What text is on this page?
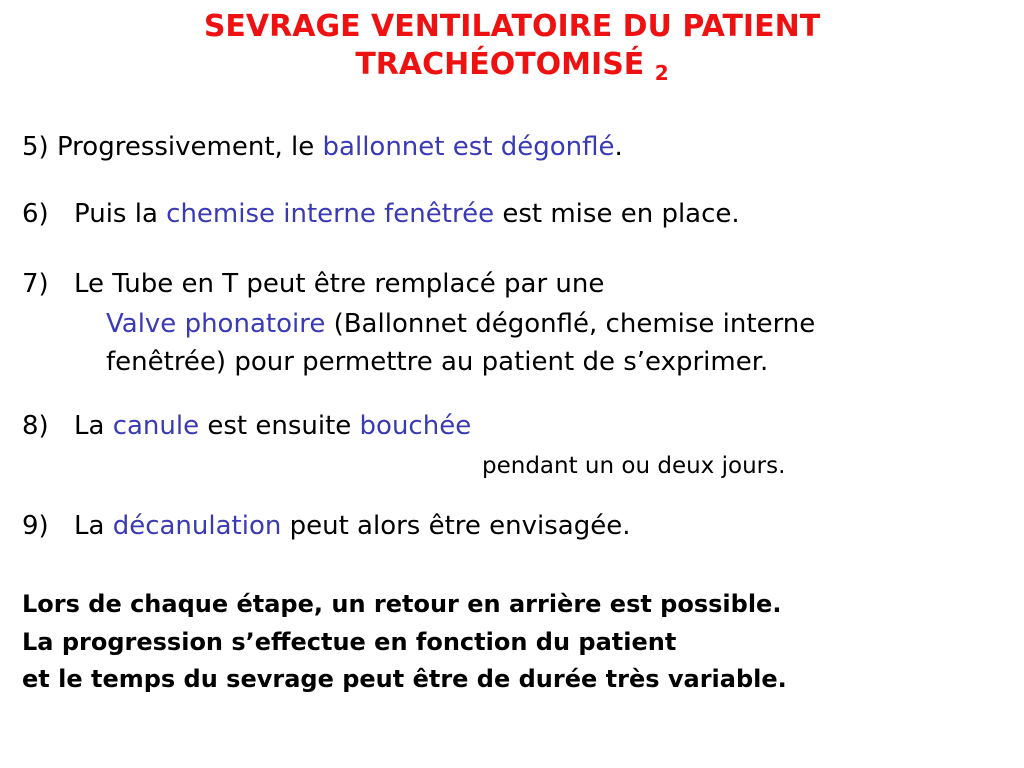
SEVRAGE VENTILATOIRE DU PATIENT
TRACHÉOTOMISÉ $_2$
5) Progressivement, le ballonnet est dégonflé.
6) Puis la chemise interne fenêtrée est mise en place.
7) Le Tube en T peut être remplacé par une
Valve phonatoire (Ballonnet dégonflé, chemise interne
fenêtrée) pour permettre au patient de s’exprimer.
8) La canule est ensuite bouchée
pendant un ou deux jours.
9) La décanulation peut alors être envisagée.
Lors de chaque étape, un retour en arrière est possible.
La progression s’effectue en fonction du patient
et le temps du sevrage peut être de durée très variable.
